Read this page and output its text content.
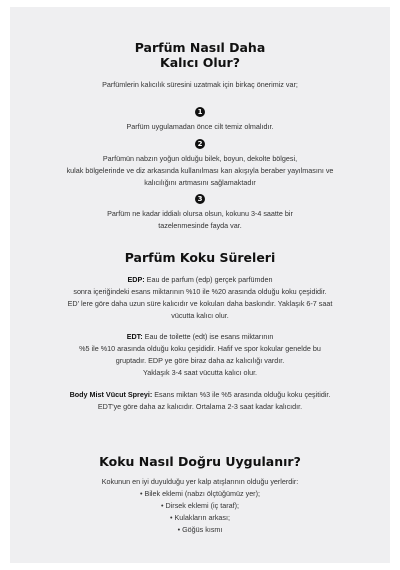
Parfüm Nasıl Daha

Kalıcı Olur?

Parfümlerin kalıcılık süresini uzatmak için birkaç önerimiz var;

1

Parfüm uygulamadan önce cilt temiz olmalıdır.

2

Parfümün nabzın yoğun olduğu bilek, boyun, dekolte bölgesi,

kulak bölgelerinde ve diz arkasında kullanılması kan akışıyla beraber yayılmasını ve

kalıcılığını artmasını sağlamaktadır

3

Parfüm ne kadar iddialı olursa olsun, kokunu 3-4 saatte bir

tazelenmesinde fayda var.

Parfüm Koku Süreleri

EDP: Eau de parfum (edp) gerçek parfümden

sonra içeriğindeki esans miktarının %10 ile %20 arasında olduğu koku çeşididir.

ED' lere göre daha uzun süre kalıcıdır ve kokuları daha baskındır. Yaklaşık 6-7 saat

vücutta kalıcı olur.

EDT: Eau de toilette (edt) ise esans miktarının

%5 ile %10 arasında olduğu koku çeşididir. Hafif ve spor kokular genelde bu

gruptadır. EDP ye göre biraz daha az kalıcılığı vardır.

Yaklaşık 3-4 saat vücutta kalıcı olur.

Body Mist Vücut Spreyi: Esans miktarı %3 ile %5 arasında olduğu koku çeşitidir.

EDT'ye göre daha az kalıcıdır. Ortalama 2-3 saat kadar kalıcıdır.

Koku Nasıl Doğru Uygulanır?

Kokunun en iyi duyulduğu yer kalp atışlarının olduğu yerlerdir:

• Bilek eklemi (nabzı ölçtüğümüz yer);

• Dirsek eklemi (iç taraf);

• Kulakların arkası;

• Göğüs kısmı
